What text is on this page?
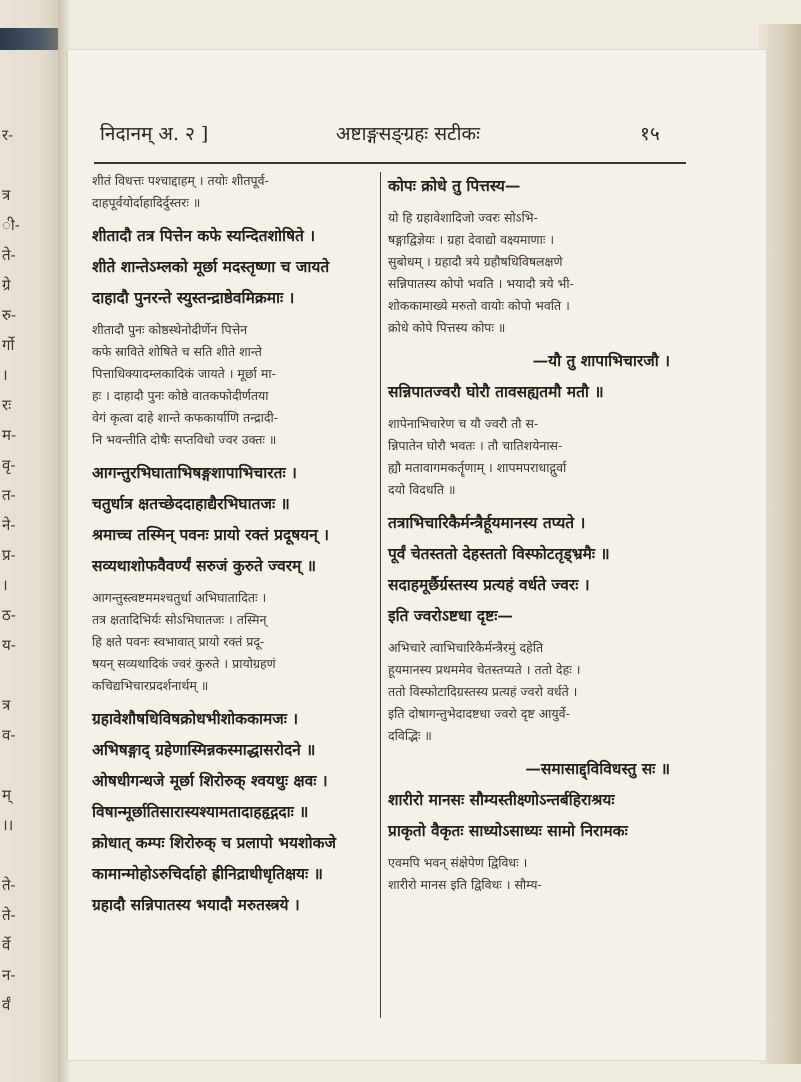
र-

त्र
ी-
ते-
ग्रे
रु-
र्गो
।
रः
म-
वृ-
त-
ने-
प्र-
।
ठ-
य-

त्र
व-

म्
।।

ते-
ते-
र्वे
न-
र्वं
निदानम् अ. २ ]	अष्टाङ्गसङ्ग्रहः सटीकः	१५

शीतं विधत्तः पश्चाद्दाहम् । तयोः शीतपूर्व-
दाहपूर्वयोर्दाहादिर्दुस्तरः ॥

शीतादौ तत्र पित्तेन कफे स्यन्दितशोषिते ।
शीते शान्तेऽम्लको मूर्छा मदस्तृष्णा च जायते
दाहादौ पुनरन्ते स्युस्तन्द्राष्ठेवमिक्रमाः ।

शीतादौ पुनः कोष्ठस्थेनोदीर्णेन पित्तेन
कफे स्राविते शोषिते च सति शीते शान्ते
पित्ताधिक्यादम्लकादिकं जायते । मूर्छा मा-
हः । दाहादौ पुनः कोष्ठे वातकफोदीर्णतया
वेगं कृत्वा दाहे शान्ते कफकार्याणि तन्द्रादी-
नि भवन्तीति दोषैः सप्तविधो ज्वर उक्तः ॥

आगन्तुरभिघाताभिषङ्गशापाभिचारतः ।
चतुर्धात्र क्षतच्छेददाहाद्यैरभिघातजः ॥
श्रमाच्च तस्मिन् पवनः प्रायो रक्तं प्रदूषयन् ।
सव्यथाशोफवैवर्ण्यं सरुजं कुरुते ज्वरम् ॥

आगन्तुस्त्वष्टममश्चतुर्धा अभिघातादितः ।
तत्र क्षतादिभिर्यः सोऽभिघातजः । तस्मिन्
हि क्षते पवनः स्वभावात् प्रायो रक्तं प्रदू-
षयन् सव्यथादिकं ज्वरं कुरुते । प्रायोग्रहणं
कचिद्यभिचारप्रदर्शनार्थम् ॥

ग्रहावेशौषधिविषक्रोधभीशोककामजः ।
अभिषङ्गाद् ग्रहेणास्मिन्नकस्माद्धासरोदने ॥
ओषधीगन्धजे मूर्छा शिरोरुक् श्वयथुः क्षवः ।
विषान्मूर्छातिसारास्यश्यामतादाहहृद्गदाः ॥
क्रोधात् कम्पः शिरोरुक् च प्रलापो भयशोकजे
कामान्मोहोऽरुचिर्दाहो ह्रीनिद्राधीधृतिक्षयः ॥
ग्रहादौ सन्निपातस्य भयादौ मरुतस्त्रये ।

कोपः क्रोधे तु पित्तस्य—

यो हि ग्रहावेशादिजो ज्वरः सोऽभि-
षङ्गाद्विज्ञेयः । ग्रहा देवाद्यो वक्ष्यमाणाः ।
सुबोधम् । ग्रहादौ त्रये ग्रहौषधिविषलक्षणे
सन्निपातस्य कोपो भवति । भयादौ त्रये भी-
शोककामाख्ये मरुतो वायोः कोपो भवति ।
क्रोधे कोपे पित्तस्य कोपः ॥

—यौ तु शापाभिचारजौ ।

सन्निपातज्वरौ घोरौ तावसह्यतमौ मतौ ॥

शापेनाभिचारेण च यौ ज्वरौ तौ स-
न्निपातेन घोरौ भवतः । तौ चातिशयेनास-
ह्यौ मतावागमकर्तॄणाम् । शापमपराधाद्गुर्वा
दयो विदधति ॥

तत्राभिचारिकैर्मन्त्रैर्हूयमानस्य तप्यते ।
पूर्वं चेतस्ततो देहस्ततो विस्फोटतृड्भ्रमैः ॥
सदाहमूर्छैर्ग्रस्तस्य प्रत्यहं वर्धते ज्वरः ।
इति ज्वरोऽष्टधा दृष्टः—

अभिचारे त्वाभिचारिकैर्मन्त्रैरमुं दहेति
हूयमानस्य प्रथममेव चेतस्तप्यते । ततो देहः ।
ततो विस्फोटादिग्रस्तस्य प्रत्यहं ज्वरो वर्धते ।
इति दोषागन्तुभेदादष्टधा ज्वरो दृष्ट आयुर्वे-
दविद्भिः ॥

—समासाद्द्विविधस्तु सः ॥

शारीरो मानसः सौम्यस्तीक्ष्णोऽन्तर्बहिराश्रयः
प्राकृतो वैकृतः साध्योऽसाध्यः सामो निरामकः

एवमपि भवन् संक्षेपेण द्विविधः ।
शारीरो मानस इति द्विविधः । सौम्य-
